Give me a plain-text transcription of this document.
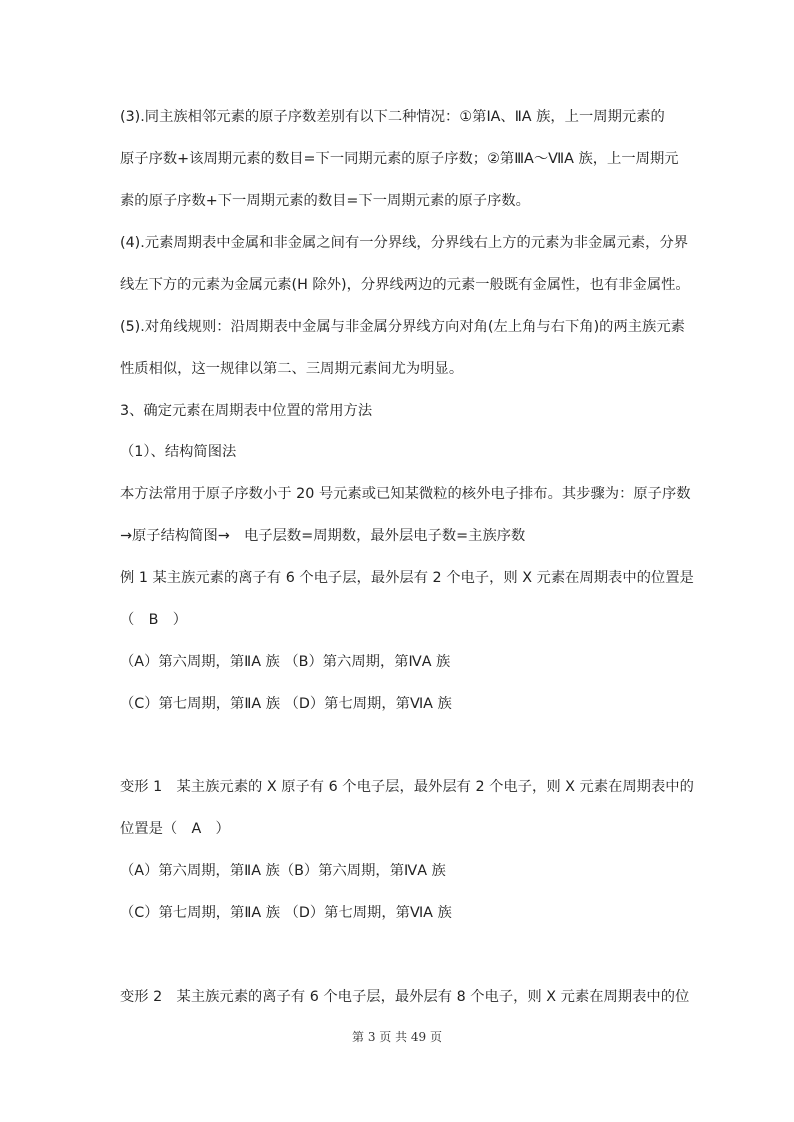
(3).同主族相邻元素的原子序数差别有以下二种情况：①第ⅠA、ⅡA 族，上一周期元素的
原子序数+该周期元素的数目=下一同期元素的原子序数；②第ⅢA～ⅦA 族，上一周期元
素的原子序数+下一周期元素的数目=下一周期元素的原子序数。
(4).元素周期表中金属和非金属之间有一分界线，分界线右上方的元素为非金属元素，分界
线左下方的元素为金属元素(H 除外)，分界线两边的元素一般既有金属性，也有非金属性。
(5).对角线规则：沿周期表中金属与非金属分界线方向对角(左上角与右下角)的两主族元素
性质相似，这一规律以第二、三周期元素间尤为明显。
3、确定元素在周期表中位置的常用方法
（1）、结构简图法
本方法常用于原子序数小于 20 号元素或已知某微粒的核外电子排布。其步骤为：原子序数
→原子结构简图→　电子层数=周期数，最外层电子数=主族序数
例 1 某主族元素的离子有 6 个电子层，最外层有 2 个电子，则 X 元素在周期表中的位置是
（　B　）
（A）第六周期，第ⅡA 族 （B）第六周期，第ⅣA 族
（C）第七周期，第ⅡA 族 （D）第七周期，第ⅥA 族
变形 1　某主族元素的 X 原子有 6 个电子层，最外层有 2 个电子，则 X 元素在周期表中的
位置是（　A　）
（A）第六周期，第ⅡA 族（B）第六周期，第ⅣA 族
（C）第七周期，第ⅡA 族 （D）第七周期，第ⅥA 族
变形 2　某主族元素的离子有 6 个电子层，最外层有 8 个电子，则 X 元素在周期表中的位
第 3 页 共 49 页
